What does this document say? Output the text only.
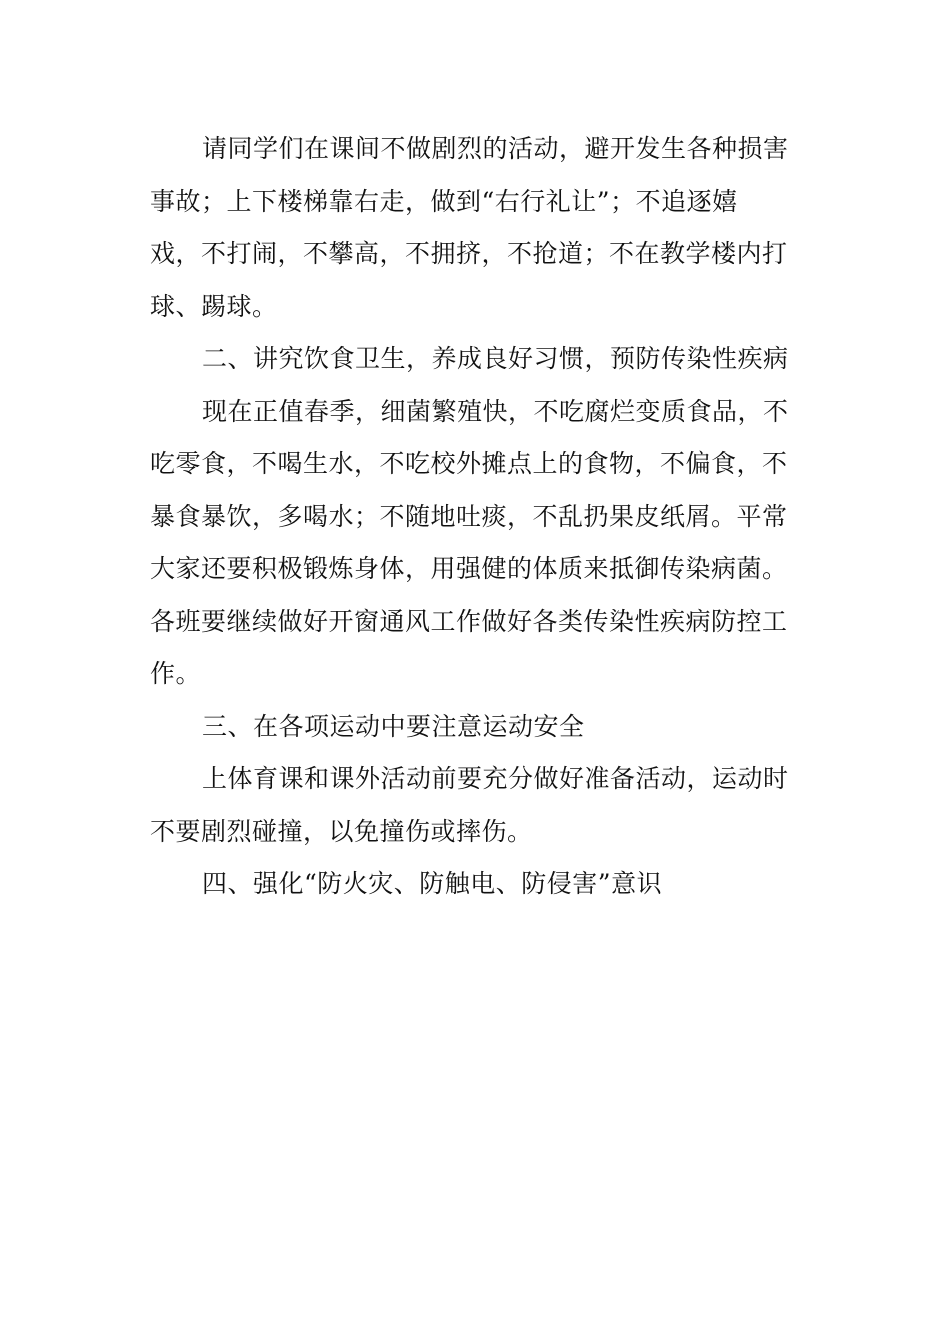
请同学们在课间不做剧烈的活动，避开发生各种损害
事故；上下楼梯靠右走，做到“右行礼让”；不追逐嬉
戏，不打闹，不攀高，不拥挤，不抢道；不在教学楼内打
球、踢球。
二、讲究饮食卫生，养成良好习惯，预防传染性疾病
现在正值春季，细菌繁殖快，不吃腐烂变质食品，不
吃零食，不喝生水，不吃校外摊点上的食物，不偏食，不
暴食暴饮，多喝水；不随地吐痰，不乱扔果皮纸屑。平常
大家还要积极锻炼身体，用强健的体质来抵御传染病菌。
各班要继续做好开窗通风工作做好各类传染性疾病防控工
作。
三、在各项运动中要注意运动安全
上体育课和课外活动前要充分做好准备活动，运动时
不要剧烈碰撞，以免撞伤或摔伤。
四、强化“防火灾、防触电、防侵害”意识
